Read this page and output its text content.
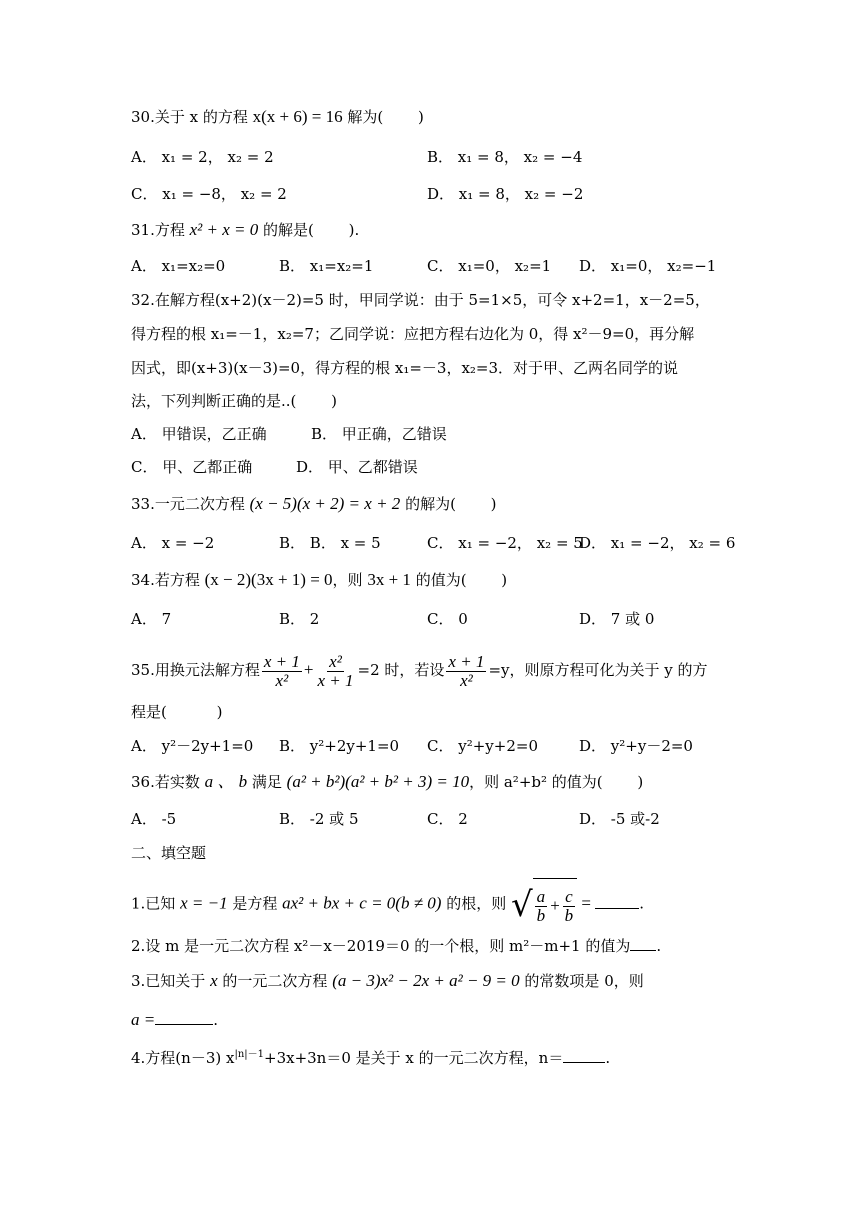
30.关于 x 的方程 x(x + 6) = 16 解为(　　 )
A． x₁ = 2， x₂ = 2	B． x₁ = 8， x₂ = −4
C． x₁ = −8， x₂ = 2	D． x₁ = 8， x₂ = −2
31.方程 x² + x = 0 的解是(　　 ).
A． x₁=x₂=0	B． x₁=x₂=1	C． x₁=0， x₂=1 D． x₁=0， x₂=−1
32.在解方程(x+2)(x－2)=5 时，甲同学说：由于 5=1×5，可令 x+2=1，x－2=5，
得方程的根 x₁=－1，x₂=7；乙同学说：应把方程右边化为 0，得 x²－9=0，再分解
因式，即(x+3)(x－3)=0，得方程的根 x₁=－3，x₂=3．对于甲、乙两名同学的说
法，下列判断正确的是..(　　 )
A． 甲错误，乙正确	B． 甲正确，乙错误
C． 甲、乙都正确	D． 甲、乙都错误
33.一元二次方程 (x − 5)(x + 2) = x + 2 的解为(　　 )
A． x = −2	B． B． x = 5	C． x₁ = −2， x₂ = 5
D． x₁ = −2， x₂ = 6
34.若方程 (x − 2)(3x + 1) = 0，则 3x + 1 的值为(　　 )
A． 7	B． 2	C． 0	D． 7 或 0
35.用换元法解方程 $\frac{x + 1}{\text{x²}} + \frac{\text{x²}}{x + 1} =2$ 时，若设 $\frac{x + 1}{\text{x²}} =y$，则原方程可化为关于 y 的方
程是(　　 　)
A． y²－2y+1=0 B． y²+2y+1=0 C． y²+y+2=0	D． y²+y－2=0
36.若实数 a 、 b 满足 (a² + b²)(a² + b² + 3) = 10，则 a²+b² 的值为(　　 )
A． -5	B． -2 或 5	C． 2	D． -5 或-2
二、填空题
1.已知 x = −1 是方程 ax² + bx + c = 0(b ≠ 0) 的根，则 √ $\frac{a}{b} + \frac{c}{b}$ =	.
2.设 m 是一元二次方程 x²－x－2019＝0 的一个根，则 m²－m+1 的值为 .
3.已知关于 x 的一元二次方程 (a − 3)x² − 2x + a² − 9 = 0 的常数项是 0，则
a =	.
4.方程(n－3) $x^{|n|-1}+3x+3n=0$ 是关于 x 的一元二次方程，n＝	.
